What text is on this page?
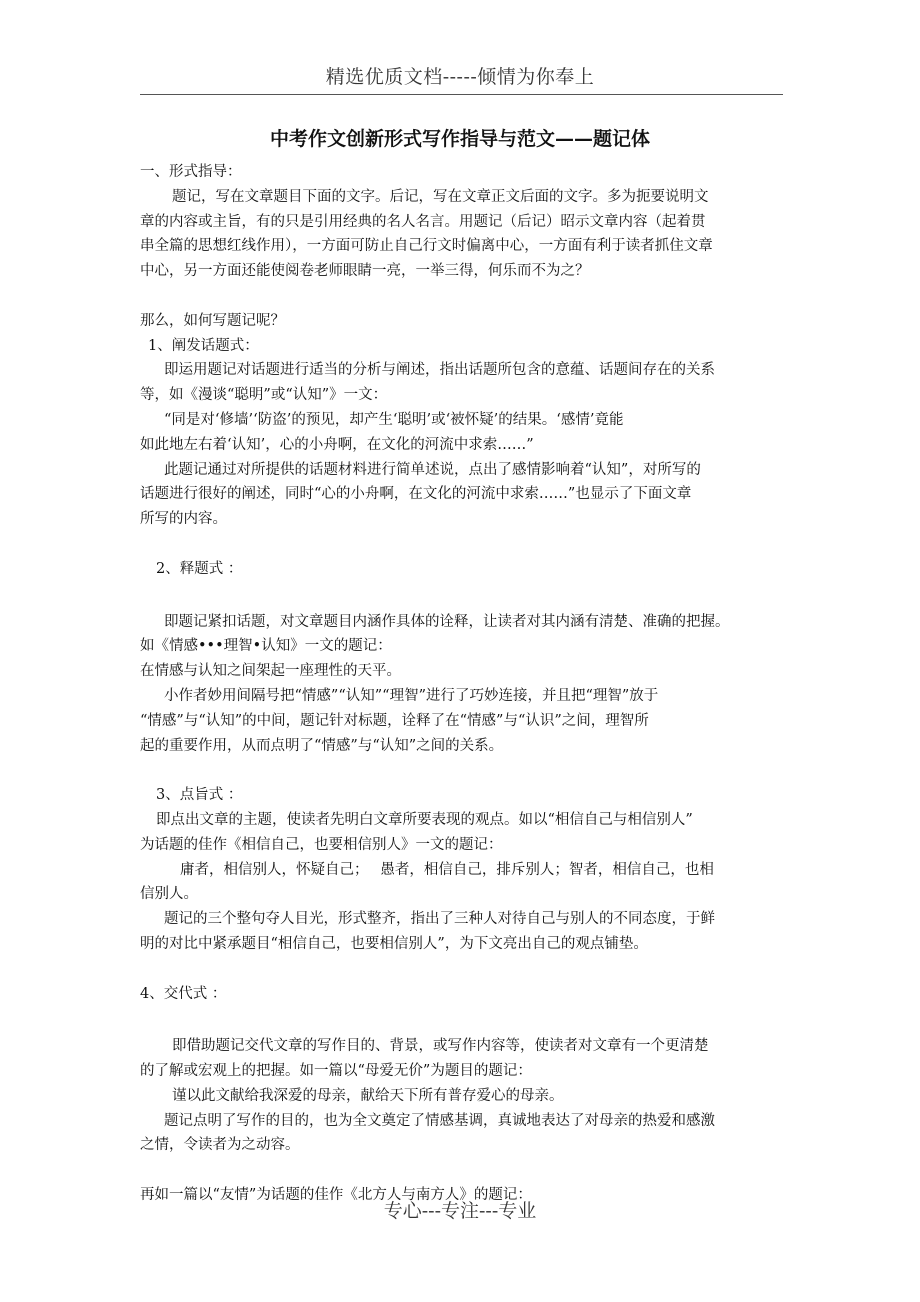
精选优质文档-----倾情为你奉上
中考作文创新形式写作指导与范文——题记体

一、形式指导：

题记，写在文章题目下面的文字。后记，写在文章正文后面的文字。多为扼要说明文

章的内容或主旨，有的只是引用经典的名人名言。用题记（后记）昭示文章内容（起着贯

串全篇的思想红线作用），一方面可防止自己行文时偏离中心，一方面有利于读者抓住文章

中心，另一方面还能使阅卷老师眼睛一亮，一举三得，何乐而不为之？

那么，如何写题记呢？

1、阐发话题式：

即运用题记对话题进行适当的分析与阐述，指出话题所包含的意蕴、话题间存在的关系

等，如《漫谈“聪明”或“认知”》一文：

“同是对‘修墙’‘防盗’的预见，却产生‘聪明’或‘被怀疑’的结果。‘感情’竟能

如此地左右着‘认知’，心的小舟啊，在文化的河流中求索……”

此题记通过对所提供的话题材料进行简单述说，点出了感情影响着“认知”，对所写的

话题进行很好的阐述，同时“心的小舟啊，在文化的河流中求索……”也显示了下面文章

所写的内容。

2、释题式 ：

即题记紧扣话题，对文章题目内涵作具体的诠释，让读者对其内涵有清楚、准确的把握。

如《情感•••理智•认知》一文的题记：

在情感与认知之间架起一座理性的天平。

小作者妙用间隔号把“情感”“认知”“理智”进行了巧妙连接，并且把“理智”放于

“情感”与“认知”的中间，题记针对标题，诠释了在“情感”与“认识”之间，理智所

起的重要作用，从而点明了“情感”与“认知”之间的关系。

3、点旨式 ：

即点出文章的主题，使读者先明白文章所要表现的观点。如以“相信自己与相信别人”

为话题的佳作《相信自己，也要相信别人》一文的题记：

庸者，相信别人，怀疑自己；　 愚者，相信自己，排斥别人；智者，相信自己，也相

信别人。

题记的三个整句夺人目光，形式整齐，指出了三种人对待自己与别人的不同态度，于鲜

明的对比中紧承题目“相信自己，也要相信别人”，为下文亮出自己的观点铺垫。

4、交代式 ：

即借助题记交代文章的写作目的、背景，或写作内容等，使读者对文章有一个更清楚

的了解或宏观上的把握。如一篇以“母爱无价”为题目的题记：

谨以此文献给我深爱的母亲，献给天下所有普存爱心的母亲。

题记点明了写作的目的，也为全文奠定了情感基调，真诚地表达了对母亲的热爱和感激

之情，令读者为之动容。

再如一篇以“友情”为话题的佳作《北方人与南方人》的题记：

专心---专注---专业
